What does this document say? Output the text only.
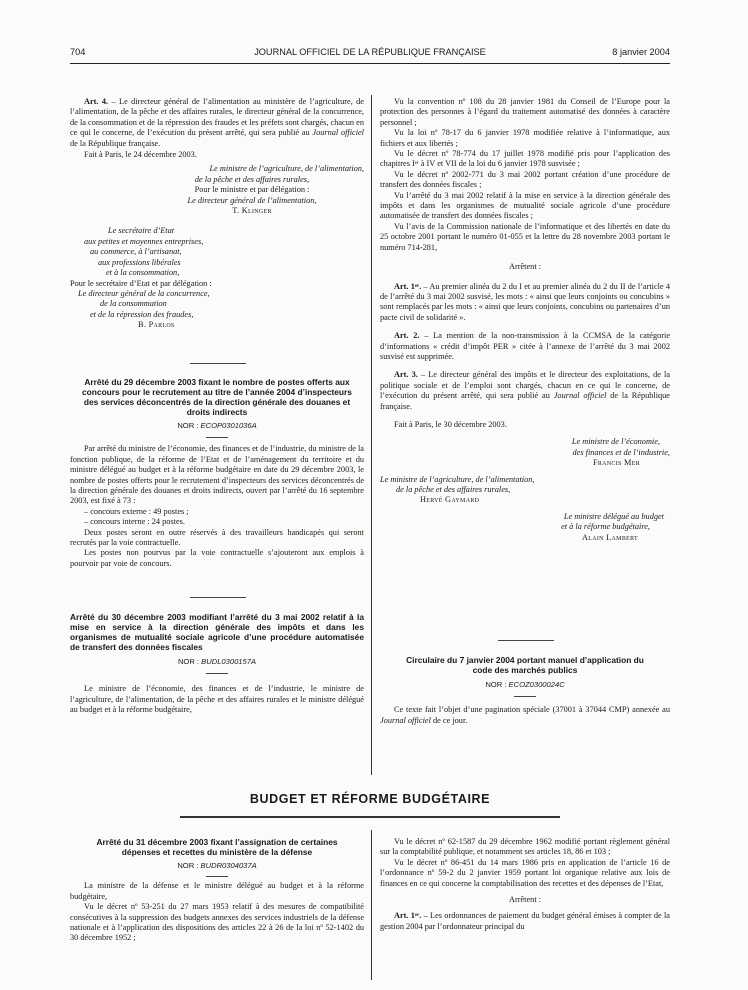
704	JOURNAL OFFICIEL DE LA RÉPUBLIQUE FRANÇAISE	8 janvier 2004

Art. 4. – Le directeur général de l’alimentation au ministère de l’agriculture, de l’alimentation, de la pêche et des affaires rurales, le directeur général de la concurrence, de la consommation et de la répression des fraudes et les préfets sont chargés, chacun en ce qui le concerne, de l’exécution du présent arrêté, qui sera publié au Journal officiel de la République française.

Fait à Paris, le 24 décembre 2003.

Le ministre de l’agriculture, de l’alimentation,

de la pêche et des affaires rurales,

Pour le ministre et par délégation :

Le directeur général de l’alimentation,

T. Klinger

Le secrétaire d’Etat

aux petites et moyennes entreprises,

au commerce, à l’artisanat,

aux professions libérales

et à la consommation,

Pour le secrétaire d’Etat et par délégation :

Le directeur général de la concurrence,

de la consommation

et de la répression des fraudes,

B. Parlos

Arrêté du 29 décembre 2003 fixant le nombre de postes offerts aux concours pour le recrutement au titre de l’année 2004 d’inspecteurs des services déconcentrés de la direction générale des douanes et droits indirects
NOR : ECOP0301036A

Par arrêté du ministre de l’économie, des finances et de l’industrie, du ministre de la fonction publique, de la réforme de l’Etat et de l’aménagement du territoire et du ministre délégué au budget et à la réforme budgétaire en date du 29 décembre 2003, le nombre de postes offerts pour le recrutement d’inspecteurs des services déconcentrés de la direction générale des douanes et droits indirects, ouvert par l’arrêté du 16 septembre 2003, est fixé à 73 :

– concours externe : 49 postes ;

– concours interne : 24 postes.

Deux postes seront en outre réservés à des travailleurs handicapés qui seront recrutés par la voie contractuelle.

Les postes non pourvus par la voie contractuelle s’ajouteront aux emplois à pourvoir par voie de concours.

Arrêté du 30 décembre 2003 modifiant l’arrêté du 3 mai 2002 relatif à la mise en service à la direction générale des impôts et dans les organismes de mutualité sociale agricole d’une procédure automatisée de transfert des données fiscales
NOR : BUDL0300157A

Le ministre de l’économie, des finances et de l’industrie, le ministre de l’agriculture, de l’alimentation, de la pêche et des affaires rurales et le ministre délégué au budget et à la réforme budgétaire,

Vu la convention nº 108 du 28 janvier 1981 du Conseil de l’Europe pour la protection des personnes à l’égard du traitement automatisé des données à caractère personnel ;

Vu la loi nº 78-17 du 6 janvier 1978 modifiée relative à l’informatique, aux fichiers et aux libertés ;

Vu le décret nº 78-774 du 17 juillet 1978 modifié pris pour l’application des chapitres Iᵉʳ à IV et VII de la loi du 6 janvier 1978 susvisée ;

Vu le décret nº 2002-771 du 3 mai 2002 portant création d’une procédure de transfert des données fiscales ;

Vu l’arrêté du 3 mai 2002 relatif à la mise en service à la direction générale des impôts et dans les organismes de mutualité sociale agricole d’une procédure automatisée de transfert des données fiscales ;

Vu l’avis de la Commission nationale de l’informatique et des libertés en date du 25 octobre 2001 portant le numéro 01-055 et la lettre du 28 novembre 2003 portant le numéro 714-281,

Arrêtent :

Art. 1ᵉʳ. – Au premier alinéa du 2 du I et au premier alinéa du 2 du II de l’article 4 de l’arrêté du 3 mai 2002 susvisé, les mots : « ainsi que leurs conjoints ou concubins » sont remplacés par les mots : « ainsi que leurs conjoints, concubins ou partenaires d’un pacte civil de solidarité ».

Art. 2. – La mention de la non-transmission à la CCMSA de la catégorie d’informations « crédit d’impôt PER » citée à l’annexe de l’arrêté du 3 mai 2002 susvisé est supprimée.

Art. 3. – Le directeur général des impôts et le directeur des exploitations, de la politique sociale et de l’emploi sont chargés, chacun en ce qui le concerne, de l’exécution du présent arrêté, qui sera publié au Journal officiel de la République française.

Fait à Paris, le 30 décembre 2003.

Le ministre de l’économie,

des finances et de l’industrie,

Francis Mer

Le ministre de l’agriculture, de l’alimentation,

de la pêche et des affaires rurales,

Hervé Gaymard

Le ministre délégué au budget

et à la réforme budgétaire,

Alain Lambert

Circulaire du 7 janvier 2004 portant manuel d’application du code des marchés publics
NOR : ECOZ0300024C

Ce texte fait l’objet d’une pagination spéciale (37001 à 37044 CMP) annexée au Journal officiel de ce jour.

BUDGET ET RÉFORME BUDGÉTAIRE
Arrêté du 31 décembre 2003 fixant l’assignation de certaines dépenses et recettes du ministère de la défense
NOR : BUDR0304037A

La ministre de la défense et le ministre délégué au budget et à la réforme budgétaire,

Vu le décret nº 53-251 du 27 mars 1953 relatif à des mesures de compatibilité consécutives à la suppression des budgets annexes des services industriels de la défense nationale et à l’application des dispositions des articles 22 à 26 de la loi nº 52-1402 du 30 décembre 1952 ;

Vu le décret nº 62-1587 du 29 décembre 1962 modifié portant règlement général sur la comptabilité publique, et notamment ses articles 18, 86 et 103 ;

Vu le décret nº 86-451 du 14 mars 1986 pris en application de l’article 16 de l’ordonnance nº 59-2 du 2 janvier 1959 portant loi organique relative aux lois de finances en ce qui concerne la comptabilisation des recettes et des dépenses de l’Etat,

Arrêtent :

Art. 1ᵉʳ. – Les ordonnances de paiement du budget général émises à compter de la gestion 2004 par l’ordonnateur principal du
